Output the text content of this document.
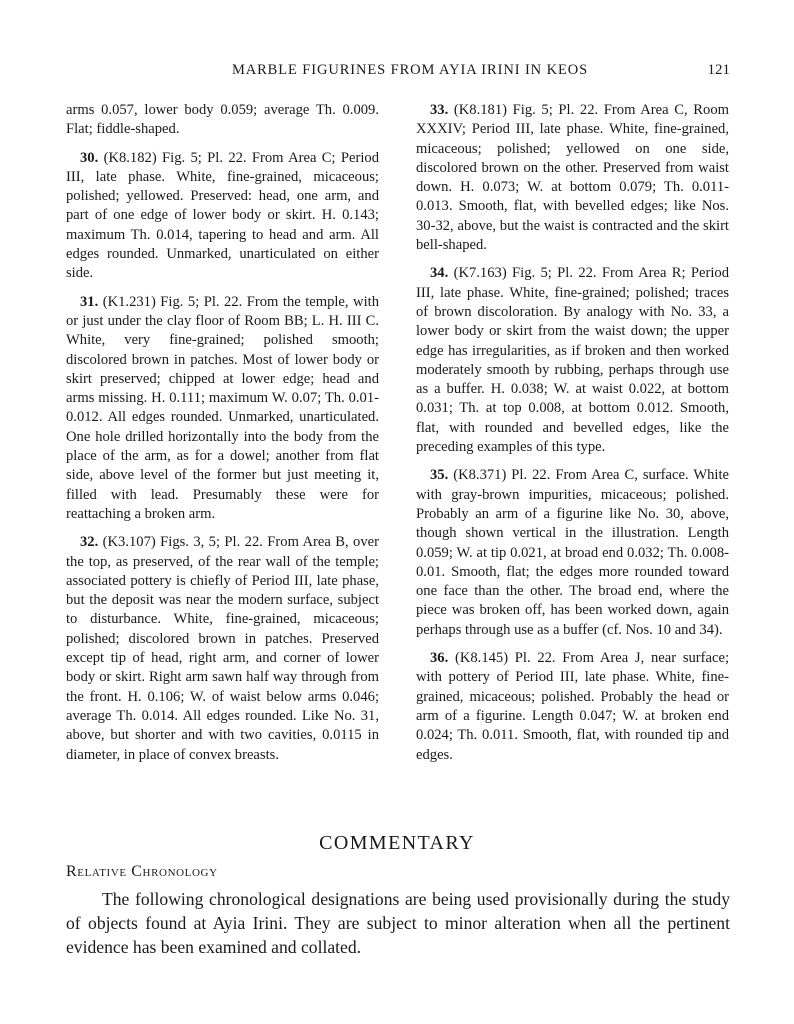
MARBLE FIGURINES FROM AYIA IRINI IN KEOS	121

arms 0.057, lower body 0.059; average Th. 0.009. Flat; fiddle-shaped.

30. (K8.182) Fig. 5; Pl. 22. From Area C; Period III, late phase. White, fine-grained, micaceous; polished; yellowed. Preserved: head, one arm, and part of one edge of lower body or skirt. H. 0.143; maximum Th. 0.014, tapering to head and arm. All edges rounded. Unmarked, unarticulated on either side.

31. (K1.231) Fig. 5; Pl. 22. From the temple, with or just under the clay floor of Room BB; L. H. III C. White, very fine-grained; polished smooth; discolored brown in patches. Most of lower body or skirt preserved; chipped at lower edge; head and arms missing. H. 0.111; maximum W. 0.07; Th. 0.01-0.012. All edges rounded. Unmarked, unarticulated. One hole drilled horizontally into the body from the place of the arm, as for a dowel; another from flat side, above level of the former but just meeting it, filled with lead. Presumably these were for reattaching a broken arm.

32. (K3.107) Figs. 3, 5; Pl. 22. From Area B, over the top, as preserved, of the rear wall of the temple; associated pottery is chiefly of Period III, late phase, but the deposit was near the modern surface, subject to disturbance. White, fine-grained, micaceous; polished; discolored brown in patches. Preserved except tip of head, right arm, and corner of lower body or skirt. Right arm sawn half way through from the front. H. 0.106; W. of waist below arms 0.046; average Th. 0.014. All edges rounded. Like No. 31, above, but shorter and with two cavities, 0.0115 in diameter, in place of convex breasts.

33. (K8.181) Fig. 5; Pl. 22. From Area C, Room XXXIV; Period III, late phase. White, fine-grained, micaceous; polished; yellowed on one side, discolored brown on the other. Preserved from waist down. H. 0.073; W. at bottom 0.079; Th. 0.011-0.013. Smooth, flat, with bevelled edges; like Nos. 30-32, above, but the waist is contracted and the skirt bell-shaped.

34. (K7.163) Fig. 5; Pl. 22. From Area R; Period III, late phase. White, fine-grained; polished; traces of brown discoloration. By analogy with No. 33, a lower body or skirt from the waist down; the upper edge has irregularities, as if broken and then worked moderately smooth by rubbing, perhaps through use as a buffer. H. 0.038; W. at waist 0.022, at bottom 0.031; Th. at top 0.008, at bottom 0.012. Smooth, flat, with rounded and bevelled edges, like the preceding examples of this type.

35. (K8.371) Pl. 22. From Area C, surface. White with gray-brown impurities, micaceous; polished. Probably an arm of a figurine like No. 30, above, though shown vertical in the illustration. Length 0.059; W. at tip 0.021, at broad end 0.032; Th. 0.008-0.01. Smooth, flat; the edges more rounded toward one face than the other. The broad end, where the piece was broken off, has been worked down, again perhaps through use as a buffer (cf. Nos. 10 and 34).

36. (K8.145) Pl. 22. From Area J, near surface; with pottery of Period III, late phase. White, fine-grained, micaceous; polished. Probably the head or arm of a figurine. Length 0.047; W. at broken end 0.024; Th. 0.011. Smooth, flat, with rounded tip and edges.

COMMENTARY
Relative Chronology

The following chronological designations are being used provisionally during the study of objects found at Ayia Irini. They are subject to minor alteration when all the pertinent evidence has been examined and collated.
